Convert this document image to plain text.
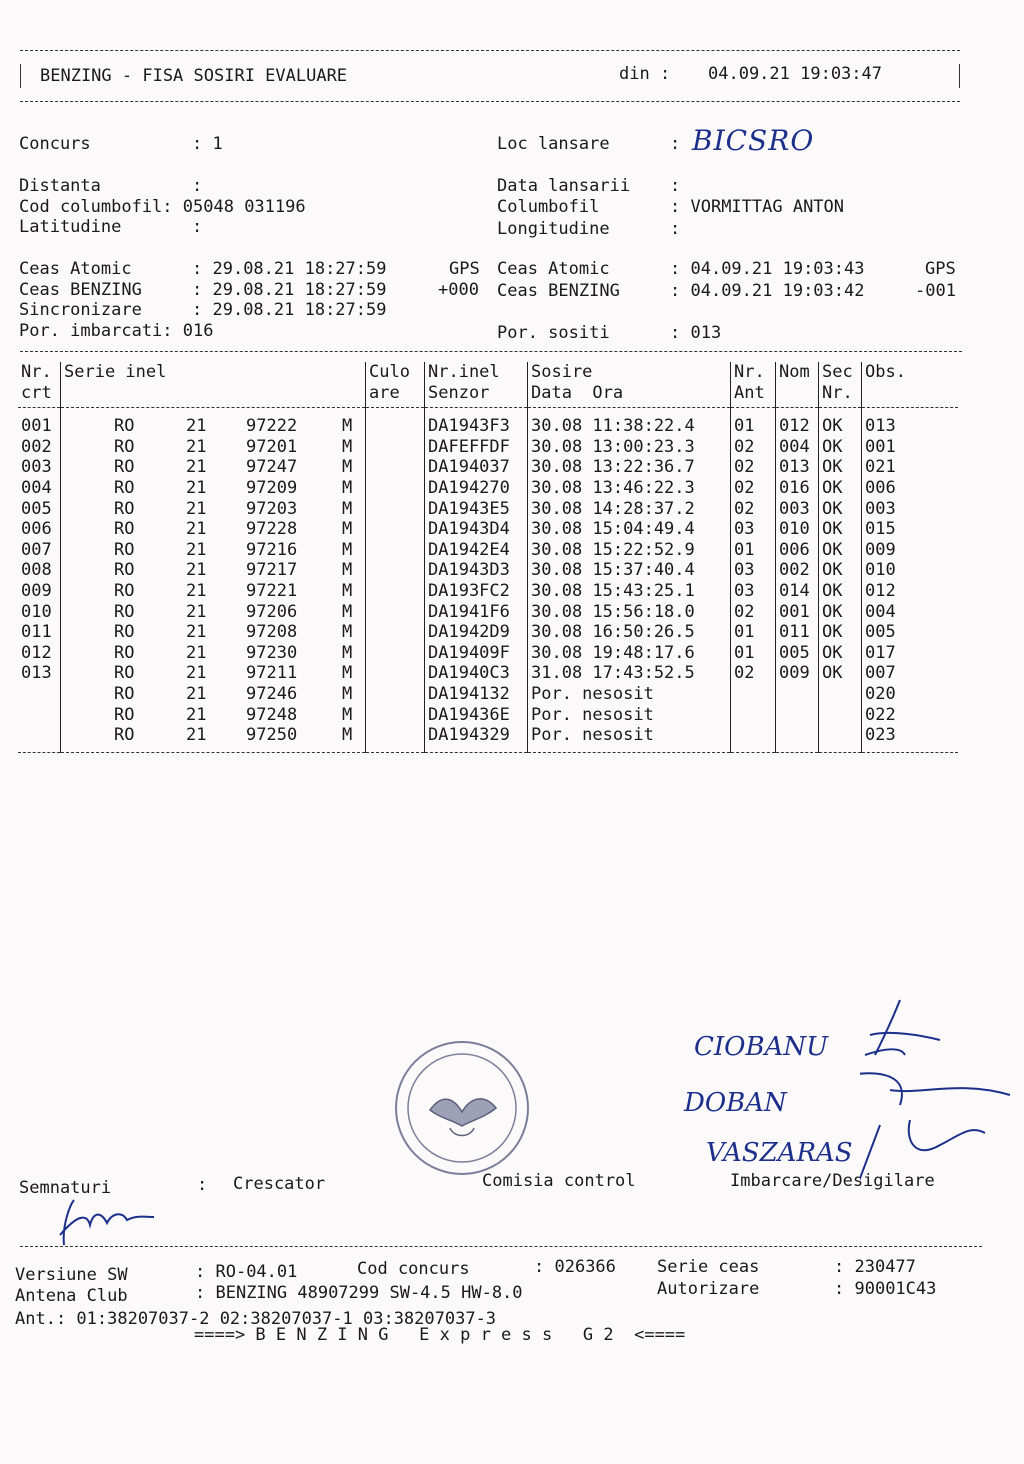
BENZING - FISA SOSIRI EVALUARE	din : 04.09.21 19:03:47
Concurs	: 1	Loc lansare	: BICSRO
Distanta	:	Data lansarii :
Cod columbofil: 05048 031196	Columbofil	: VORMITTAG ANTON
Latitudine	:	Longitudine	:
Ceas Atomic	: 29.08.21 18:27:59	GPS
Ceas BENZING	: 29.08.21 18:27:59	+000
Sincronizare	: 29.08.21 18:27:59
Ceas Atomic	: 04.09.21 19:03:43	GPS
Ceas BENZING	: 04.09.21 19:03:42	-001
Por. imbarcati: 016	Por. sositi	: 013
Nr.	Serie inel	Culo	Nr.inel	Sosire	Nr.	Nom	Sec	Obs.
crt		are	Senzor	Data  Ora	Ant		Nr.	
001	RO 21 97222 M		DA1943F3	30.08 11:38:22.4	01	012	OK	013
002	RO 21 97201 M		DAFEFFDF	30.08 13:00:23.3	02	004	OK	001
003	RO 21 97247 M		DA194037	30.08 13:22:36.7	02	013	OK	021
004	RO 21 97209 M		DA194270	30.08 13:46:22.3	02	016	OK	006
005	RO 21 97203 M		DA1943E5	30.08 14:28:37.2	02	003	OK	003
006	RO 21 97228 M		DA1943D4	30.08 15:04:49.4	03	010	OK	015
007	RO 21 97216 M		DA1942E4	30.08 15:22:52.9	01	006	OK	009
008	RO 21 97217 M		DA1943D3	30.08 15:37:40.4	03	002	OK	010
009	RO 21 97221 M		DA193FC2	30.08 15:43:25.1	03	014	OK	012
010	RO 21 97206 M		DA1941F6	30.08 15:56:18.0	02	001	OK	004
011	RO 21 97208 M		DA1942D9	30.08 16:50:26.5	01	011	OK	005
012	RO 21 97230 M		DA19409F	30.08 19:48:17.6	01	005	OK	017
013	RO 21 97211 M		DA1940C3	31.08 17:43:52.5	02	009	OK	007
	RO 21 97246 M		DA194132	Por. nesosit				020
	RO 21 97248 M		DA19436E	Por. nesosit				022
	RO 21 97250 M		DA194329	Por. nesosit				023
Semnaturi	: Crescator	Comisia control	Imbarcare/Desigilare
CIOBANU
DOBAN
VASZARAS
Versiune SW	: RO-04.01	Cod concurs	: 026366 Serie ceas	: 230477
Antena Club	: BENZING 48907299 SW-4.5 HW-8.0	Autorizare	: 90001C43
Ant.: 01:38207037-2 02:38207037-1 03:38207037-3
====> B E N Z I N G   E x p r e s s   G 2  <====
